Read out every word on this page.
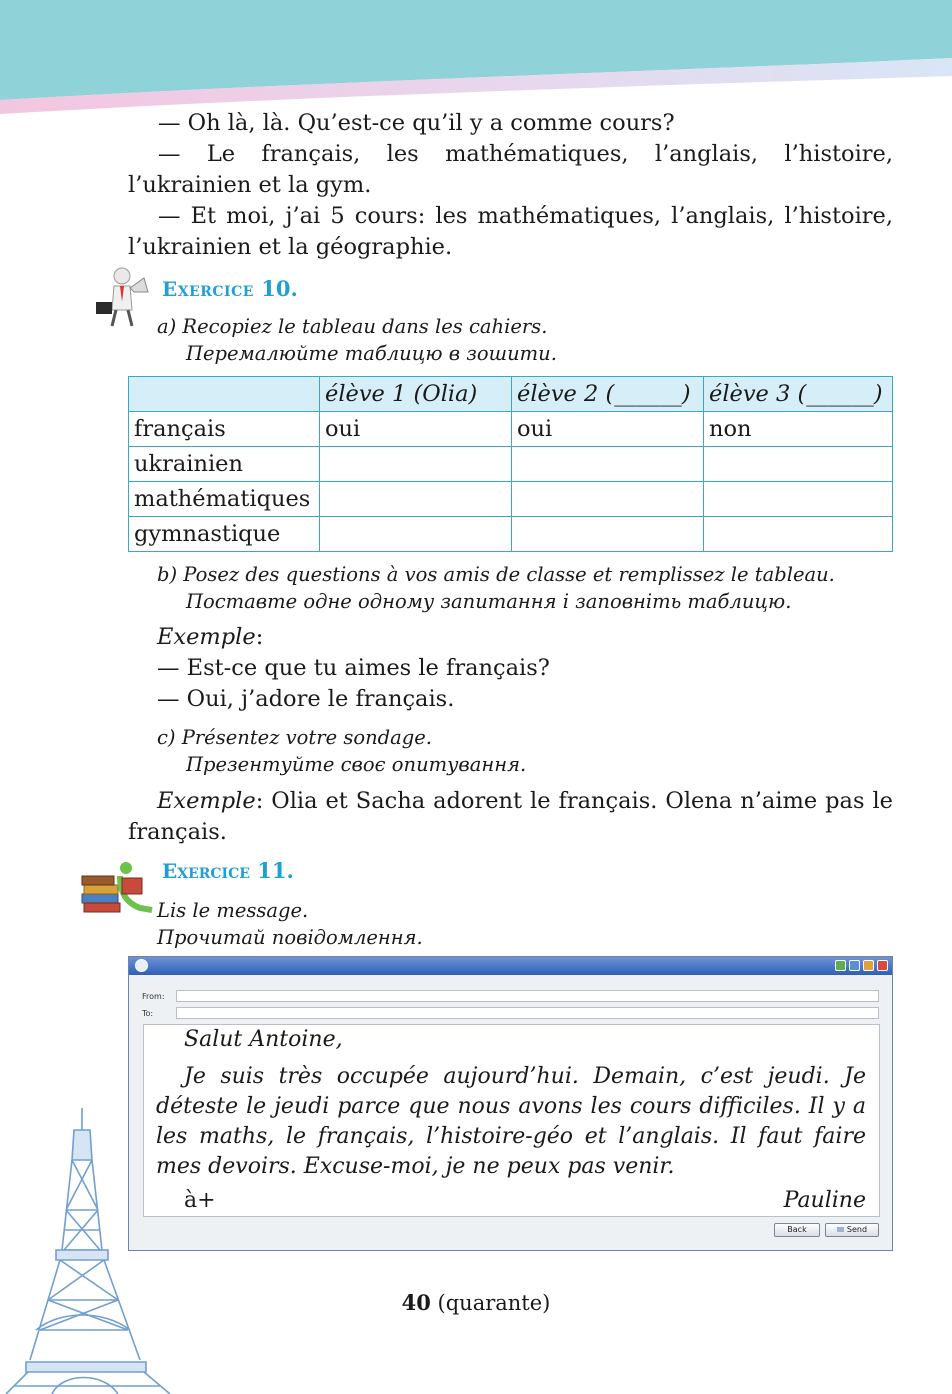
— Oh là, là. Qu’est-ce qu’il y a comme cours?

— Le français, les mathématiques, l’anglais, l’histoire, l’ukrainien et la gym.

— Et moi, j’ai 5 cours: les mathématiques, l’anglais, l’histoire, l’ukrainien et la géographie.

Exercice 10.

a) Recopiez le tableau dans les cahiers.

Перемалюйте таблицю в зошити.

	élève 1 (Olia)	élève 2 (______)	élève 3 (______)
français	oui	oui	non
ukrainien			
mathématiques			
gymnastique			

b) Posez des questions à vos amis de classe et remplissez le tableau.

Поставте одне одному запитання і заповніть таблицю.

Exemple:

— Est-ce que tu aimes le français?

— Oui, j’adore le français.

c) Présentez votre sondage.

Презентуйте своє опитування.

Exemple: Olia et Sacha adorent le français. Olena n’aime pas le français.

Exercice 11.

Lis le message.

Прочитай повідомлення.

From:
To:

Salut Antoine,

Je suis très occupée aujourd’hui. Demain, c’est jeudi. Je déteste le jeudi parce que nous avons les cours difficiles. Il y a les maths, le français, l’histoire-géo et l’anglais. Il faut faire mes devoirs. Excuse-moi, je ne peux pas venir.

à+	Pauline

Back	Send
40 (quarante)
